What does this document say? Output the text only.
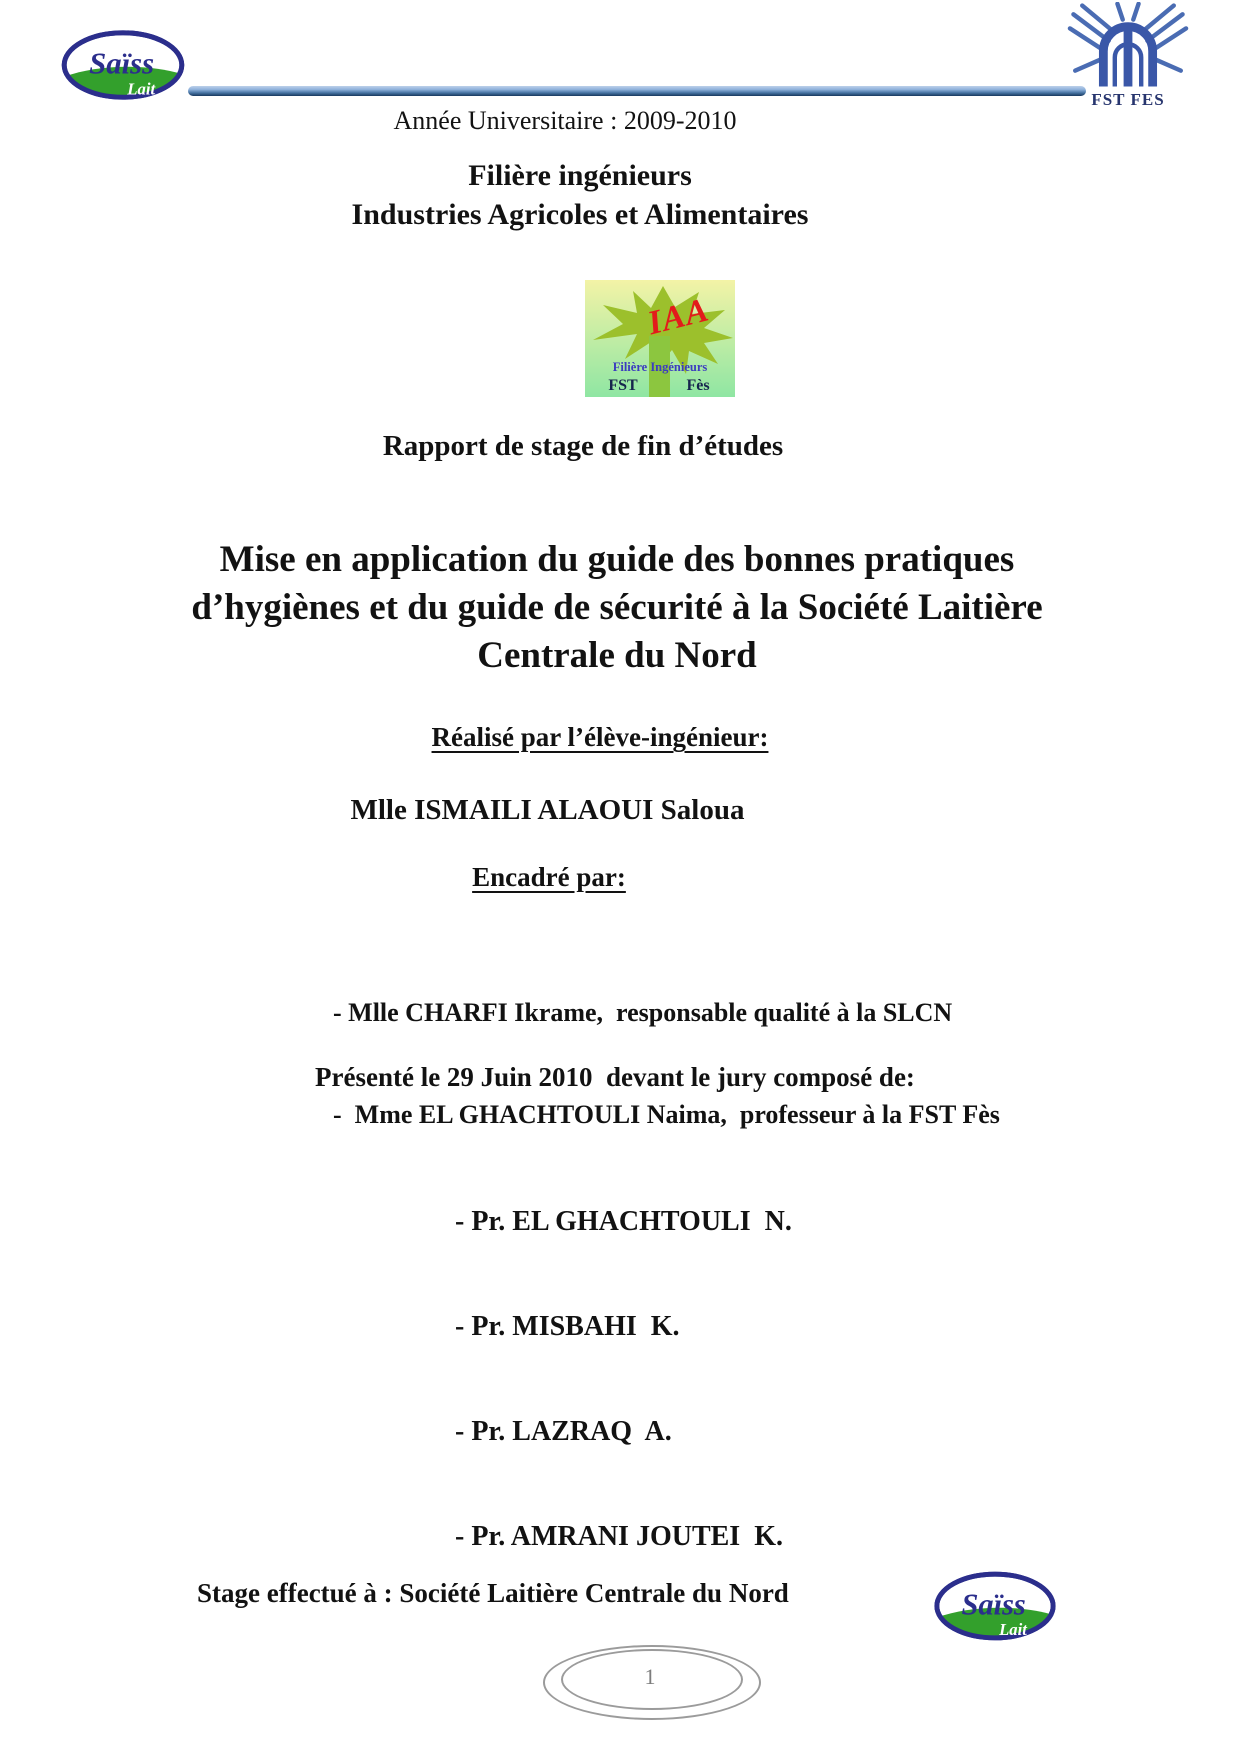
Saïss
Lait
FST FES
Année Universitaire : 2009-2010
Filière ingénieurs
Industries Agricoles et Alimentaires
IAA
Filière Ingénieurs
FST	Fès
Rapport de stage de fin d’études
Mise en application du guide des bonnes pratiques
d’hygiènes et du guide de sécurité à la Société Laitière
Centrale du Nord
Réalisé par l’élève-ingénieur:
Mlle ISMAILI ALAOUI Saloua
Encadré par:

- Mlle CHARFI Ikrame,  responsable qualité à la SLCN

-  Mme EL GHACHTOULI Naima,  professeur à la FST Fès

Présenté le 29 Juin 2010  devant le jury composé de:

- Pr. EL GHACHTOULI  N.

- Pr. MISBAHI  K.

- Pr. LAZRAQ  A.

- Pr. AMRANI JOUTEI  K.

Stage effectué à : Société Laitière Centrale du Nord	Saïss
Lait
1
